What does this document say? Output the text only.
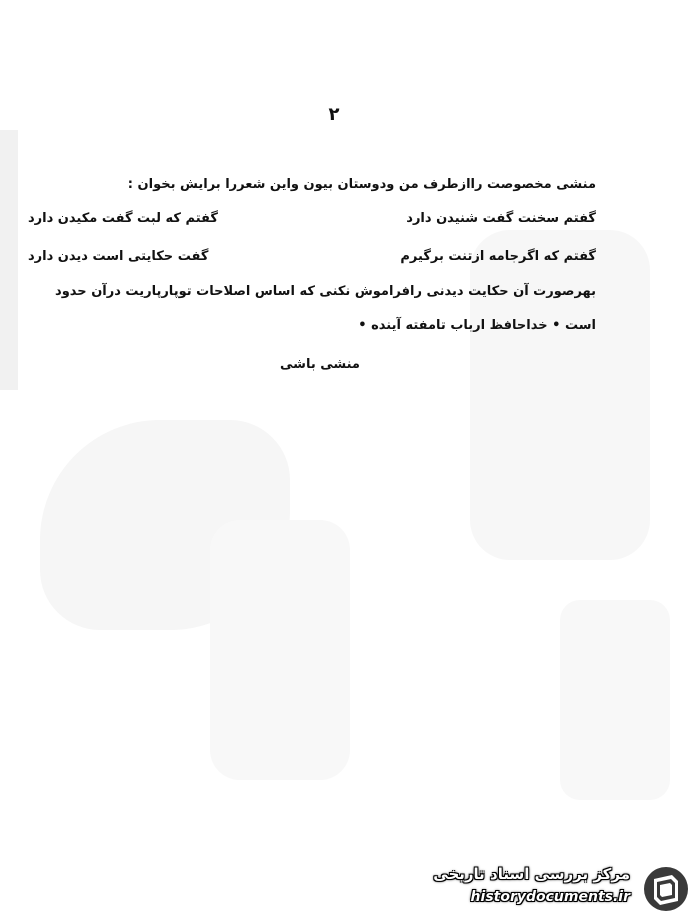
۲
منشی مخصوصت راازطرف من ودوستان بیون واین شعررا برایش بخوان :
گفتم سخنت گفت شنیدن دارد
گفتم که لبت گفت مکیدن دارد
گفتم که اگرجامه ازتنت برگیرم
گفت حکایتی است دیدن دارد
بهرصورت آن حکایت دیدنی رافراموش نکنی که اساس اصلاحات توپارپاریت درآن حدود
است • خداحافظ ارباب تامفته آینده •
منشی باشی
مرکز بررسی اسناد تاریخی
historydocuments.ir
